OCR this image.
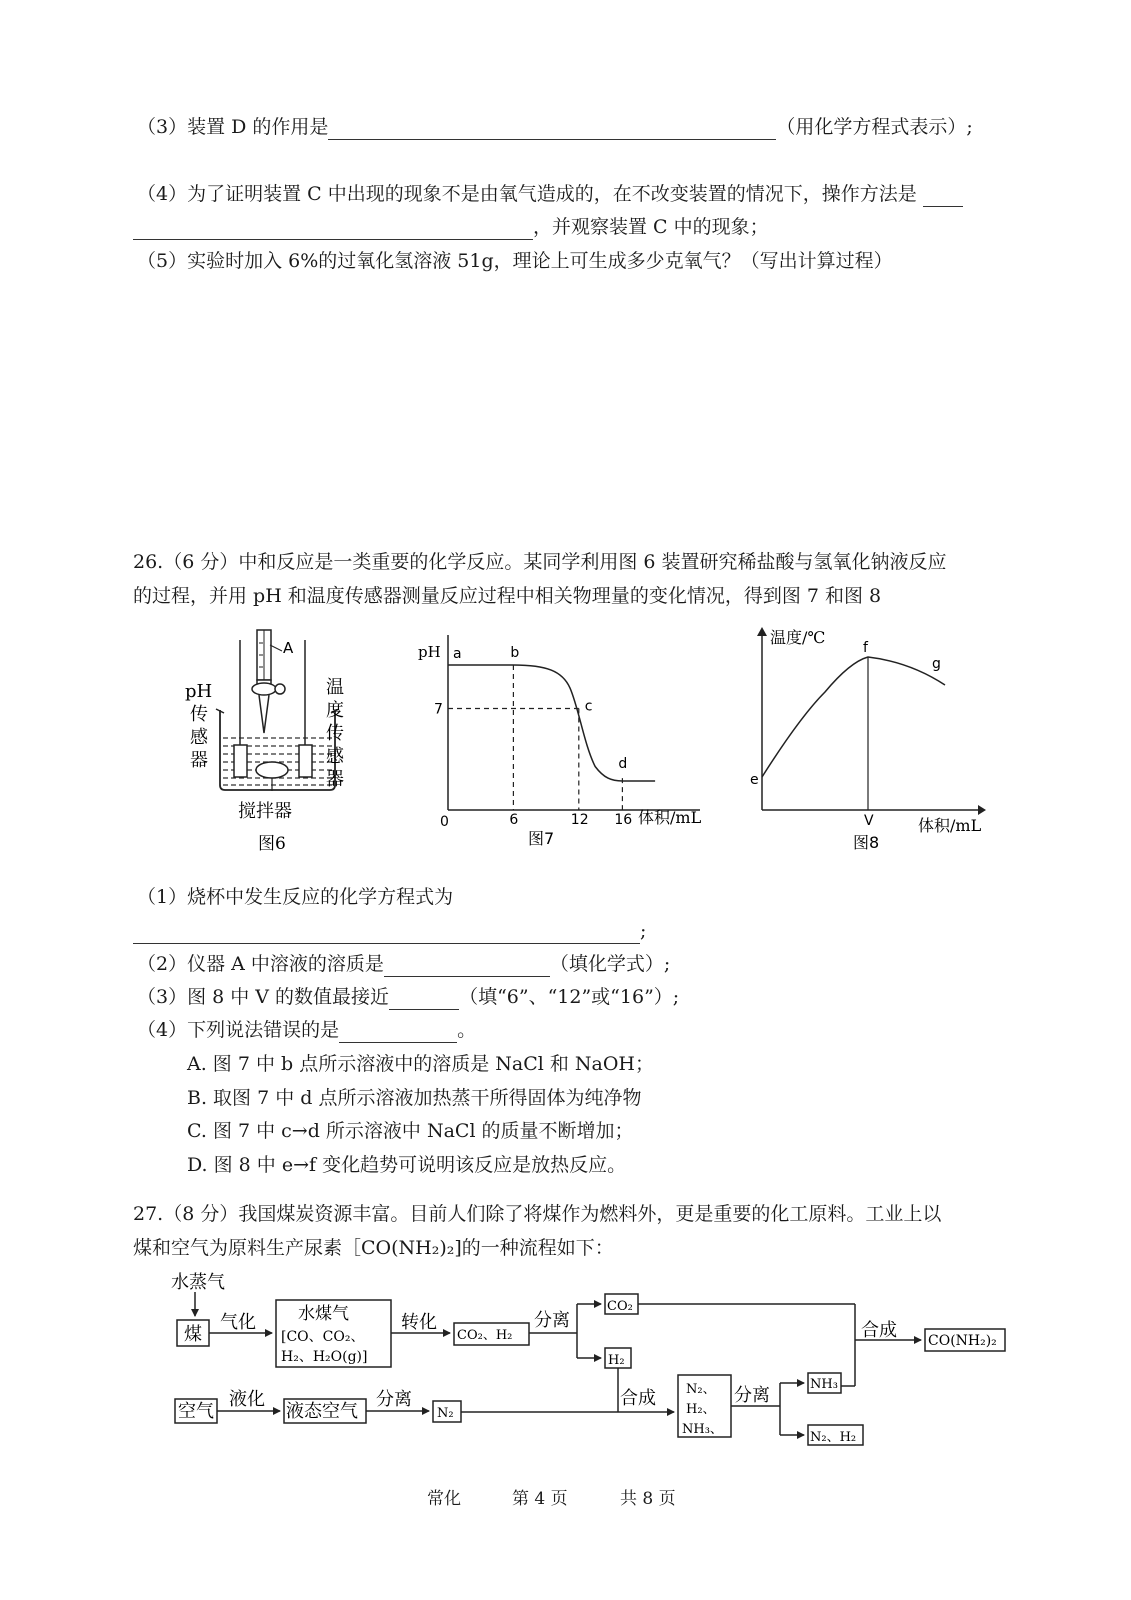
（3）装置 D 的作用是	（用化学方程式表示）;
（4）为了证明装置 C 中出现的现象不是由氧气造成的，在不改变装置的情况下，操作方法是
，并观察装置 C 中的现象；
（5）实验时加入 6%的过氧化氢溶液 51g，理论上可生成多少克氧气？（写出计算过程）
26.（6 分）中和反应是一类重要的化学反应。某同学利用图 6 装置研究稀盐酸与氢氧化钠液反应
的过程，并用 pH 和温度传感器测量反应过程中相关物理量的变化情况，得到图 7 和图 8
A
pH
传
感
器
温
度
传
感
器
搅拌器
图6
pH
0	体积/mL
图7
7
6	12 16
a	b
c
d
温度/℃
e
f
g
V	体积/mL
图8
（1）烧杯中发生反应的化学方程式为
;
（2）仪器 A 中溶液的溶质是	（填化学式）;
（3）图 8 中 V 的数值最接近	（填“6”、“12”或“16”）;
（4）下列说法错误的是	。
A. 图 7 中 b 点所示溶液中的溶质是 NaCl 和 NaOH；
B. 取图 7 中 d 点所示溶液加热蒸干所得固体为纯净物
C. 图 7 中 c→d 所示溶液中 NaCl 的质量不断增加；
D. 图 8 中 e→f 变化趋势可说明该反应是放热反应。
27.（8 分）我国煤炭资源丰富。目前人们除了将煤作为燃料外，更是重要的化工原料。工业上以
煤和空气为原料生产尿素［CO(NH₂)₂]的一种流程如下：
水蒸气
煤
气化 水煤气
[CO、CO₂、
H₂、H₂O(g)]
转化
CO₂、H₂
分离
CO₂
H₂
合成 CO(NH₂)₂
空气
液化
液态空气
分离
N₂
合成 N₂、
H₂、
NH₃、
分离
NH₃
N₂、H₂
常化	第 4 页	共 8 页
